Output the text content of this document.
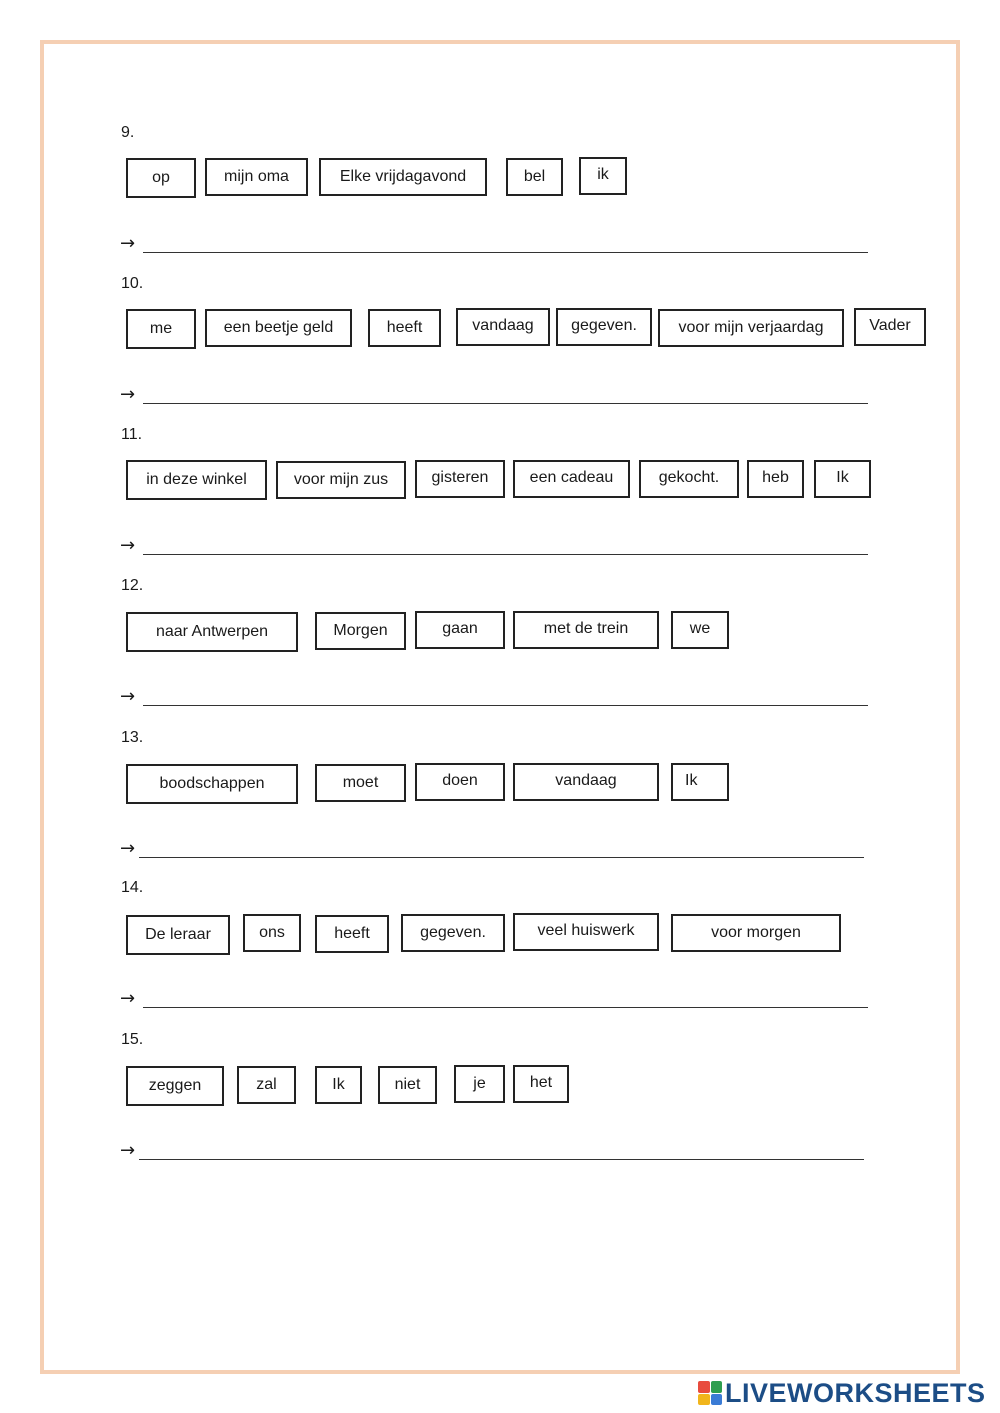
9.
op	mijn oma	Elke vrijdagavond	bel	ik
→
10.
me	een beetje geld	heeft	vandaag	gegeven.	voor mijn verjaardag	Vader
→
11.
in deze winkel	voor mijn zus	gisteren	een cadeau	gekocht.	heb	Ik
→
12.
naar Antwerpen	Morgen	gaan	met de trein	we
→
13.
boodschappen	moet	doen	vandaag	Ik
→
14.
De leraar	ons	heeft	gegeven.	veel huiswerk	voor morgen
→
15.
zeggen	zal	Ik	niet	je	het
→
LIVEWORKSHEETS
